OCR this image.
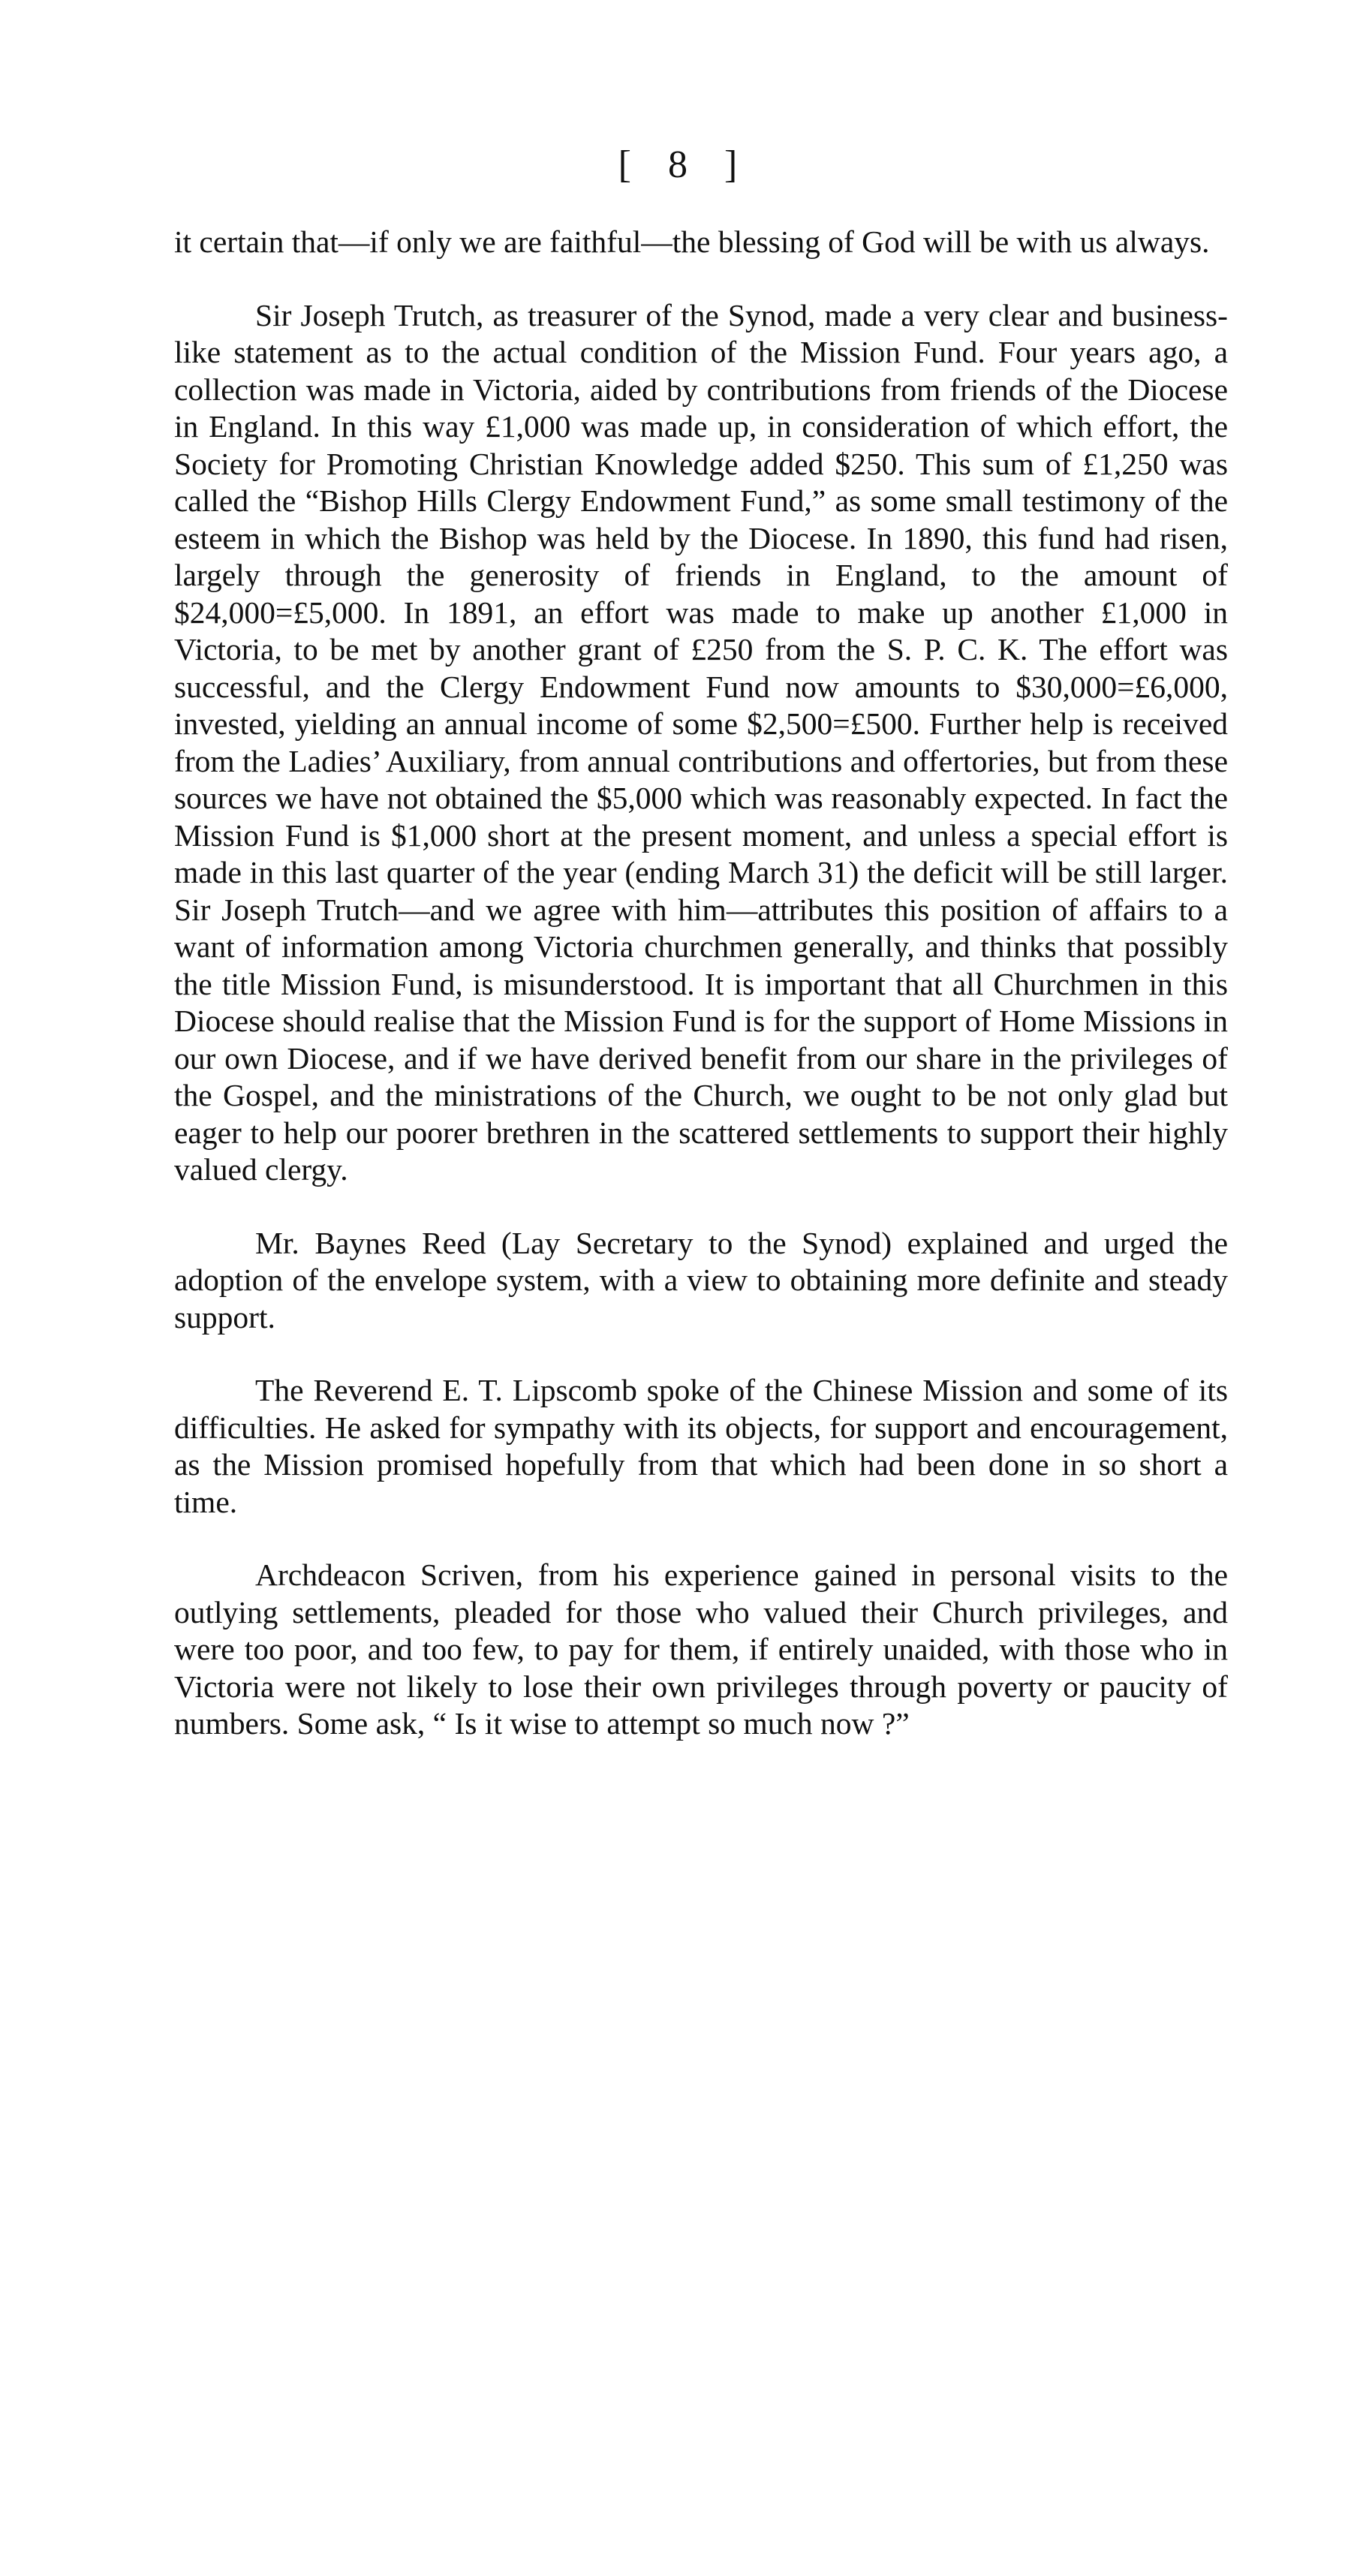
[ 8 ]

it certain that—if only we are faithful—the blessing of God will be with us always.

Sir Joseph Trutch, as treasurer of the Synod, made a very clear and business-like statement as to the actual condition of the Mission Fund. Four years ago, a collection was made in Victoria, aided by contributions from friends of the Diocese in England. In this way £1,000 was made up, in consideration of which effort, the Society for Promoting Christian Knowledge added $250. This sum of £1,250 was called the “Bishop Hills Clergy Endowment Fund,” as some small testimony of the esteem in which the Bishop was held by the Diocese. In 1890, this fund had risen, largely through the generosity of friends in England, to the amount of $24,000=£5,000. In 1891, an effort was made to make up another £1,000 in Victoria, to be met by another grant of £250 from the S. P. C. K. The effort was successful, and the Clergy Endowment Fund now amounts to $30,000=£6,000, invested, yielding an annual income of some $2,500=£500. Further help is received from the Ladies’ Auxiliary, from annual contributions and offertories, but from these sources we have not obtained the $5,000 which was reasonably expected. In fact the Mission Fund is $1,000 short at the present moment, and unless a special effort is made in this last quarter of the year (ending March 31) the deficit will be still larger. Sir Joseph Trutch—and we agree with him—attributes this position of affairs to a want of information among Victoria churchmen generally, and thinks that possibly the title Mission Fund, is misunderstood. It is important that all Churchmen in this Diocese should realise that the Mission Fund is for the support of Home Missions in our own Diocese, and if we have derived benefit from our share in the privileges of the Gospel, and the ministrations of the Church, we ought to be not only glad but eager to help our poorer brethren in the scattered settlements to support their highly valued clergy.

Mr. Baynes Reed (Lay Secretary to the Synod) explained and urged the adoption of the envelope system, with a view to obtaining more definite and steady support.

The Reverend E. T. Lipscomb spoke of the Chinese Mission and some of its difficulties. He asked for sympathy with its objects, for support and encouragement, as the Mission promised hopefully from that which had been done in so short a time.

Archdeacon Scriven, from his experience gained in personal visits to the outlying settlements, pleaded for those who valued their Church privileges, and were too poor, and too few, to pay for them, if entirely unaided, with those who in Victoria were not likely to lose their own privileges through poverty or paucity of numbers. Some ask, “ Is it wise to attempt so much now ?”
